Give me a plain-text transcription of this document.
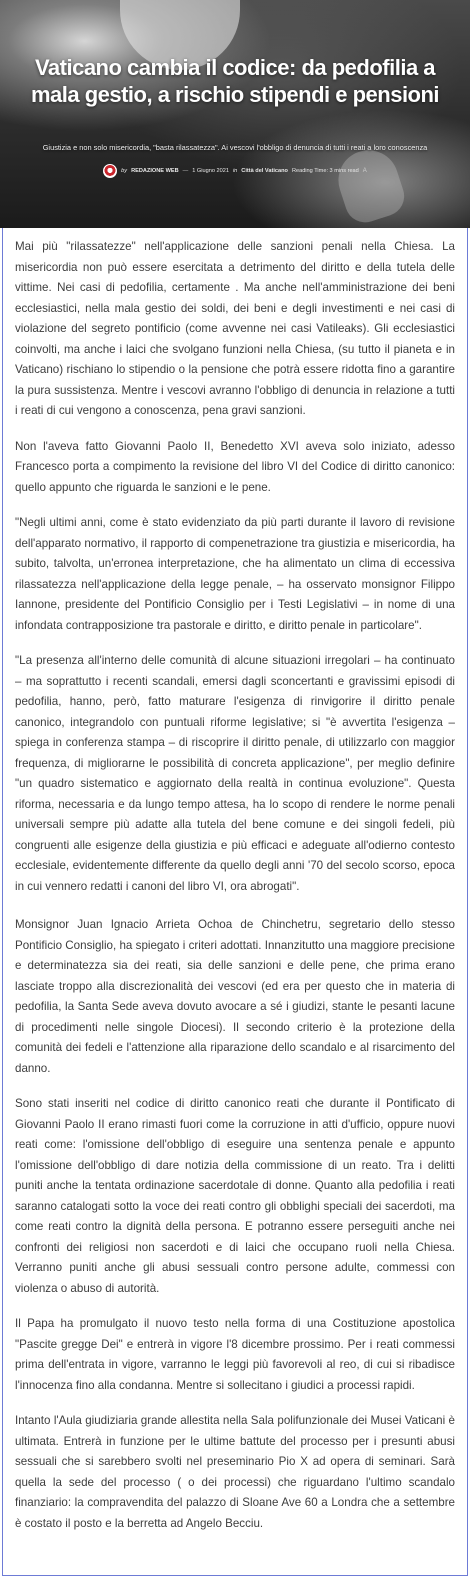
Vaticano cambia il codice: da pedofilia a mala gestio, a rischio stipendi e pensioni
Giustizia e non solo misericordia, "basta rilassatezza". Ai vescovi l'obbligo di denuncia di tutti i reati a loro conoscenza
by REDAZIONE WEB — 1 Giugno 2021 in Città del Vaticano Reading Time: 3 mins read A

Mai più "rilassatezze" nell'applicazione delle sanzioni penali nella Chiesa. La misericordia non può essere esercitata a detrimento del diritto e della tutela delle vittime. Nei casi di pedofilia, certamente . Ma anche nell'amministrazione dei beni ecclesiastici, nella mala gestio dei soldi, dei beni e degli investimenti e nei casi di violazione del segreto pontificio (come avvenne nei casi Vatileaks). Gli ecclesiastici coinvolti, ma anche i laici che svolgano funzioni nella Chiesa, (su tutto il pianeta e in Vaticano) rischiano lo stipendio o la pensione che potrà essere ridotta fino a garantire la pura sussistenza. Mentre i vescovi avranno l'obbligo di denuncia in relazione a tutti i reati di cui vengono a conoscenza, pena gravi sanzioni.

Non l'aveva fatto Giovanni Paolo II, Benedetto XVI aveva solo iniziato, adesso Francesco porta a compimento la revisione del libro VI del Codice di diritto canonico: quello appunto che riguarda le sanzioni e le pene.

"Negli ultimi anni, come è stato evidenziato da più parti durante il lavoro di revisione dell'apparato normativo, il rapporto di compenetrazione tra giustizia e misericordia, ha subito, talvolta, un'erronea interpretazione, che ha alimentato un clima di eccessiva rilassatezza nell'applicazione della legge penale, – ha osservato monsignor Filippo Iannone, presidente del Pontificio Consiglio per i Testi Legislativi – in nome di una infondata contrapposizione tra pastorale e diritto, e diritto penale in particolare".

"La presenza all'interno delle comunità di alcune situazioni irregolari – ha continuato – ma soprattutto i recenti scandali, emersi dagli sconcertanti e gravissimi episodi di pedofilia, hanno, però, fatto maturare l'esigenza di rinvigorire il diritto penale canonico, integrandolo con puntuali riforme legislative; si "è avvertita l'esigenza – spiega in conferenza stampa – di riscoprire il diritto penale, di utilizzarlo con maggior frequenza, di migliorarne le possibilità di concreta applicazione", per meglio definire "un quadro sistematico e aggiornato della realtà in continua evoluzione". Questa riforma, necessaria e da lungo tempo attesa, ha lo scopo di rendere le norme penali universali sempre più adatte alla tutela del bene comune e dei singoli fedeli, più congruenti alle esigenze della giustizia e più efficaci e adeguate all'odierno contesto ecclesiale, evidentemente differente da quello degli anni '70 del secolo scorso, epoca in cui vennero redatti i canoni del libro VI, ora abrogati".

Monsignor Juan Ignacio Arrieta Ochoa de Chinchetru, segretario dello stesso Pontificio Consiglio, ha spiegato i criteri adottati. Innanzitutto una maggiore precisione e determinatezza sia dei reati, sia delle sanzioni e delle pene, che prima erano lasciate troppo alla discrezionalità dei vescovi (ed era per questo che in materia di pedofilia, la Santa Sede aveva dovuto avocare a sé i giudizi, stante le pesanti lacune di procedimenti nelle singole Diocesi). Il secondo criterio è la protezione della comunità dei fedeli e l'attenzione alla riparazione dello scandalo e al risarcimento del danno.

Sono stati inseriti nel codice di diritto canonico reati che durante il Pontificato di Giovanni Paolo II erano rimasti fuori come la corruzione in atti d'ufficio, oppure nuovi reati come: l'omissione dell'obbligo di eseguire una sentenza penale e appunto l'omissione dell'obbligo di dare notizia della commissione di un reato. Tra i delitti puniti anche la tentata ordinazione sacerdotale di donne. Quanto alla pedofilia i reati saranno catalogati sotto la voce dei reati contro gli obblighi speciali dei sacerdoti, ma come reati contro la dignità della persona. E potranno essere perseguiti anche nei confronti dei religiosi non sacerdoti e di laici che occupano ruoli nella Chiesa. Verranno puniti anche gli abusi sessuali contro persone adulte, commessi con violenza o abuso di autorità.

Il Papa ha promulgato il nuovo testo nella forma di una Costituzione apostolica "Pascite gregge Dei" e entrerà in vigore l'8 dicembre prossimo. Per i reati commessi prima dell'entrata in vigore, varranno le leggi più favorevoli al reo, di cui si ribadisce l'innocenza fino alla condanna. Mentre si sollecitano i giudici a processi rapidi.

Intanto l'Aula giudiziaria grande allestita nella Sala polifunzionale dei Musei Vaticani è ultimata. Entrerà in funzione per le ultime battute del processo per i presunti abusi sessuali che si sarebbero svolti nel preseminario Pio X ad opera di seminari. Sarà quella la sede del processo ( o dei processi) che riguardano l'ultimo scandalo finanziario: la compravendita del palazzo di Sloane Ave 60 a Londra che a settembre è costato il posto e la berretta ad Angelo Becciu.
